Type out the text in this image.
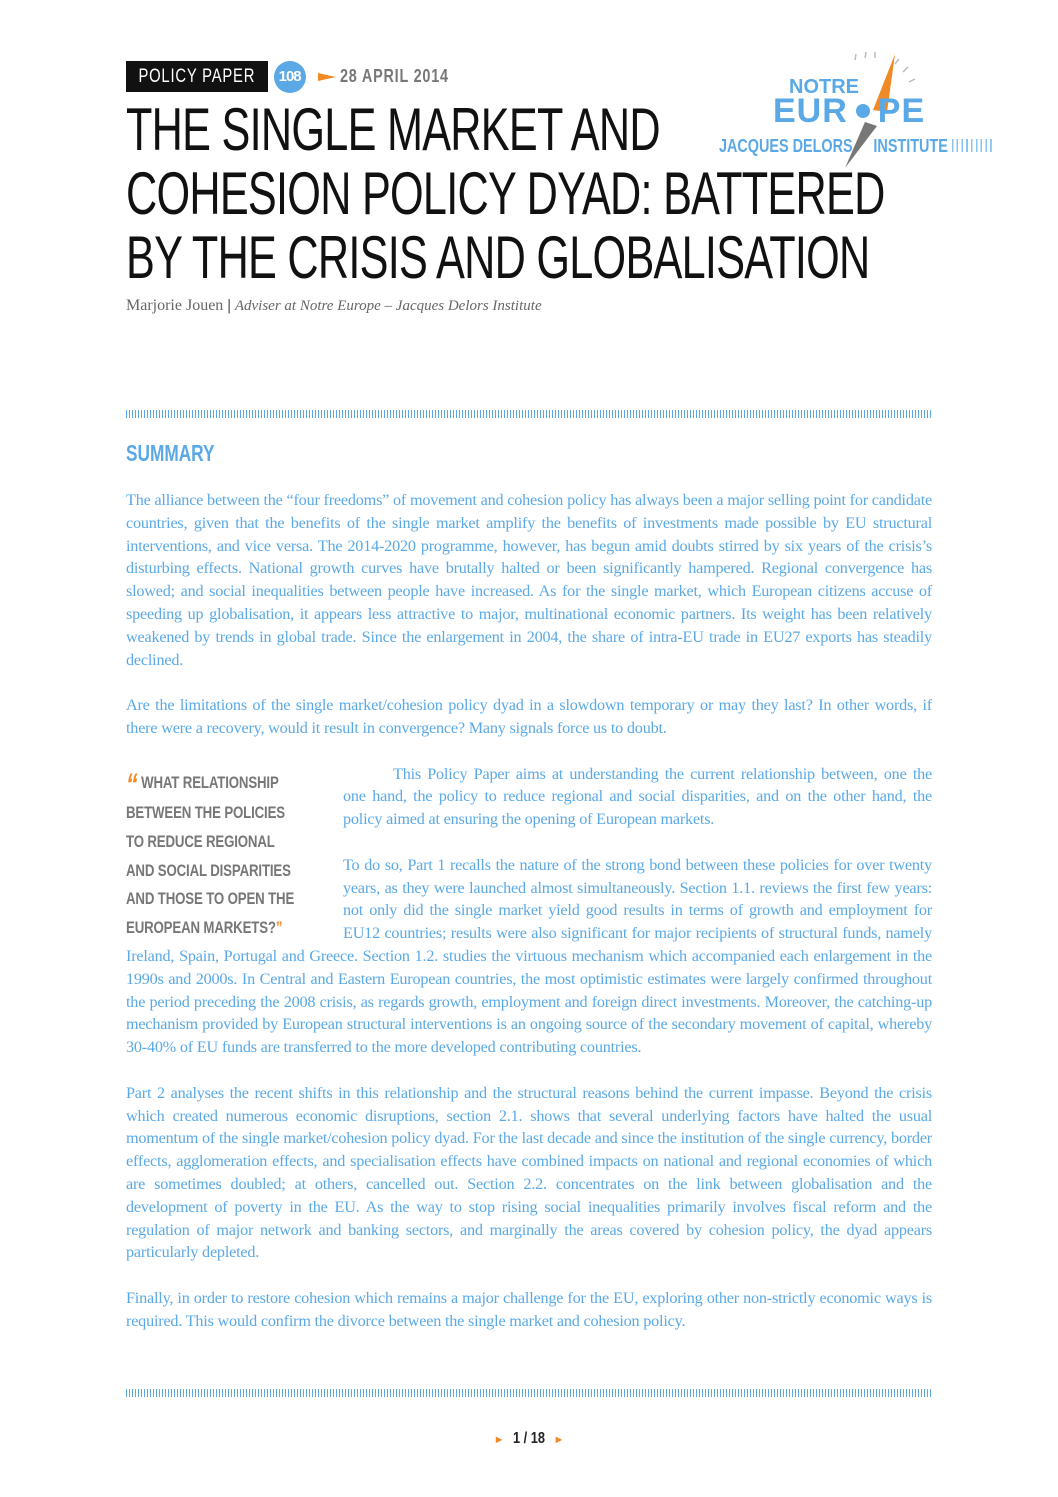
POLICY PAPER	108 28 APRIL 2014
THE SINGLE MARKET AND
COHESION POLICY DYAD: BATTERED
BY THE CRISIS AND GLOBALISATION
Marjorie Jouen | Adviser at Notre Europe – Jacques Delors Institute
NOTRE
EUR PE
JACQUES DELORS INSTITUTE
SUMMARY

The alliance between the “four freedoms” of movement and cohesion policy has always been a major selling point for candidate countries, given that the benefits of the single market amplify the benefits of investments made possible by EU structural interventions, and vice versa. The 2014-2020 programme, however, has begun amid doubts stirred by six years of the crisis’s disturbing effects. National growth curves have brutally halted or been significantly hampered. Regional convergence has slowed; and social inequalities between people have increased. As for the single market, which European citizens accuse of speeding up globalisation, it appears less attractive to major, multinational economic partners. Its weight has been relatively weakened by trends in global trade. Since the enlargement in 2004, the share of intra-EU trade in EU27 exports has steadily declined.

Are the limitations of the single market/cohesion policy dyad in a slowdown temporary or may they last? In other words, if there were a recovery, would it result in convergence? Many signals force us to doubt.

“ WHAT RELATIONSHIP
BETWEEN THE POLICIES
TO REDUCE REGIONAL
AND SOCIAL DISPARITIES
AND THOSE TO OPEN THE
EUROPEAN MARKETS?”

This Policy Paper aims at understanding the current relationship between, one the one hand, the policy to reduce regional and social disparities, and on the other hand, the policy aimed at ensuring the opening of European markets.

To do so, Part 1 recalls the nature of the strong bond between these policies for over twenty years, as they were launched almost simultaneously. Section 1.1. reviews the first few years: not only did the single market yield good results in terms of growth and employment for EU12 countries; results were also significant for major recipients of structural funds, namely Ireland, Spain, Portugal and Greece. Section 1.2. studies the virtuous mechanism which accompanied each enlargement in the 1990s and 2000s. In Central and Eastern European countries, the most optimistic estimates were largely confirmed throughout the period preceding the 2008 crisis, as regards growth, employment and foreign direct investments. Moreover, the catching-up mechanism provided by European structural interventions is an ongoing source of the secondary movement of capital, whereby 30-40% of EU funds are transferred to the more developed contributing countries.

Part 2 analyses the recent shifts in this relationship and the structural reasons behind the current impasse. Beyond the crisis which created numerous economic disruptions, section 2.1. shows that several underlying factors have halted the usual momentum of the single market/cohesion policy dyad. For the last decade and since the institution of the single currency, border effects, agglomeration effects, and specialisation effects have combined impacts on national and regional economies of which are sometimes doubled; at others, cancelled out. Section 2.2. concentrates on the link between globalisation and the development of poverty in the EU. As the way to stop rising social inequalities primarily involves fiscal reform and the regulation of major network and banking sectors, and marginally the areas covered by cohesion policy, the dyad appears particularly depleted.

Finally, in order to restore cohesion which remains a major challenge for the EU, exploring other non-strictly economic ways is required. This would confirm the divorce between the single market and cohesion policy.

► 1 / 18 ►
